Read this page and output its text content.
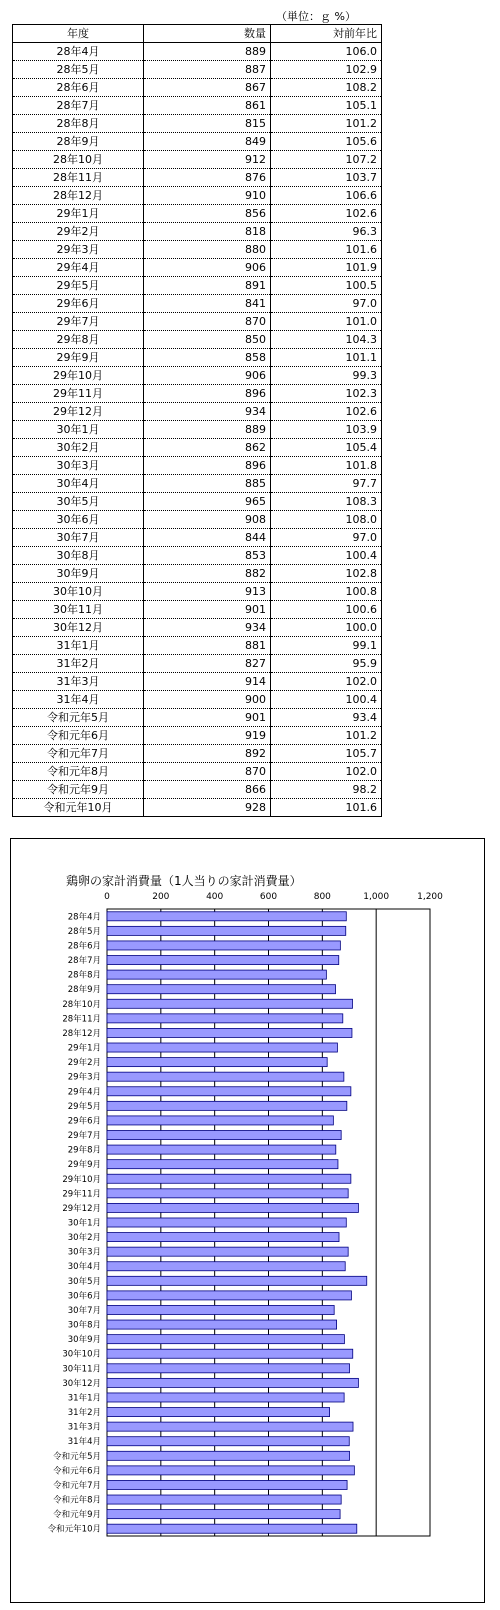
（単位：ｇ %）
年度	数量	対前年比
28年4月	889	106.0
28年5月	887	102.9
28年6月	867	108.2
28年7月	861	105.1
28年8月	815	101.2
28年9月	849	105.6
28年10月	912	107.2
28年11月	876	103.7
28年12月	910	106.6
29年1月	856	102.6
29年2月	818	96.3
29年3月	880	101.6
29年4月	906	101.9
29年5月	891	100.5
29年6月	841	97.0
29年7月	870	101.0
29年8月	850	104.3
29年9月	858	101.1
29年10月	906	99.3
29年11月	896	102.3
29年12月	934	102.6
30年1月	889	103.9
30年2月	862	105.4
30年3月	896	101.8
30年4月	885	97.7
30年5月	965	108.3
30年6月	908	108.0
30年7月	844	97.0
30年8月	853	100.4
30年9月	882	102.8
30年10月	913	100.8
30年11月	901	100.6
30年12月	934	100.0
31年1月	881	99.1
31年2月	827	95.9
31年3月	914	102.0
31年4月	900	100.4
令和元年5月	901	93.4
令和元年6月	919	101.2
令和元年7月	892	105.7
令和元年8月	870	102.0
令和元年9月	866	98.2
令和元年10月	928	101.6
鶏卵の家計消費量（1人当りの家計消費量）
0	200	400	600	800	1,000	1,200
28年4月
28年5月
28年6月
28年7月
28年8月
28年9月
28年10月
28年11月
28年12月
29年1月
29年2月
29年3月
29年4月
29年5月
29年6月
29年7月
29年8月
29年9月
29年10月
29年11月
29年12月
30年1月
30年2月
30年3月
30年4月
30年5月
30年6月
30年7月
30年8月
30年9月
30年10月
30年11月
30年12月
31年1月
31年2月
31年3月
31年4月
令和元年5月
令和元年6月
令和元年7月
令和元年8月
令和元年9月
令和元年10月
